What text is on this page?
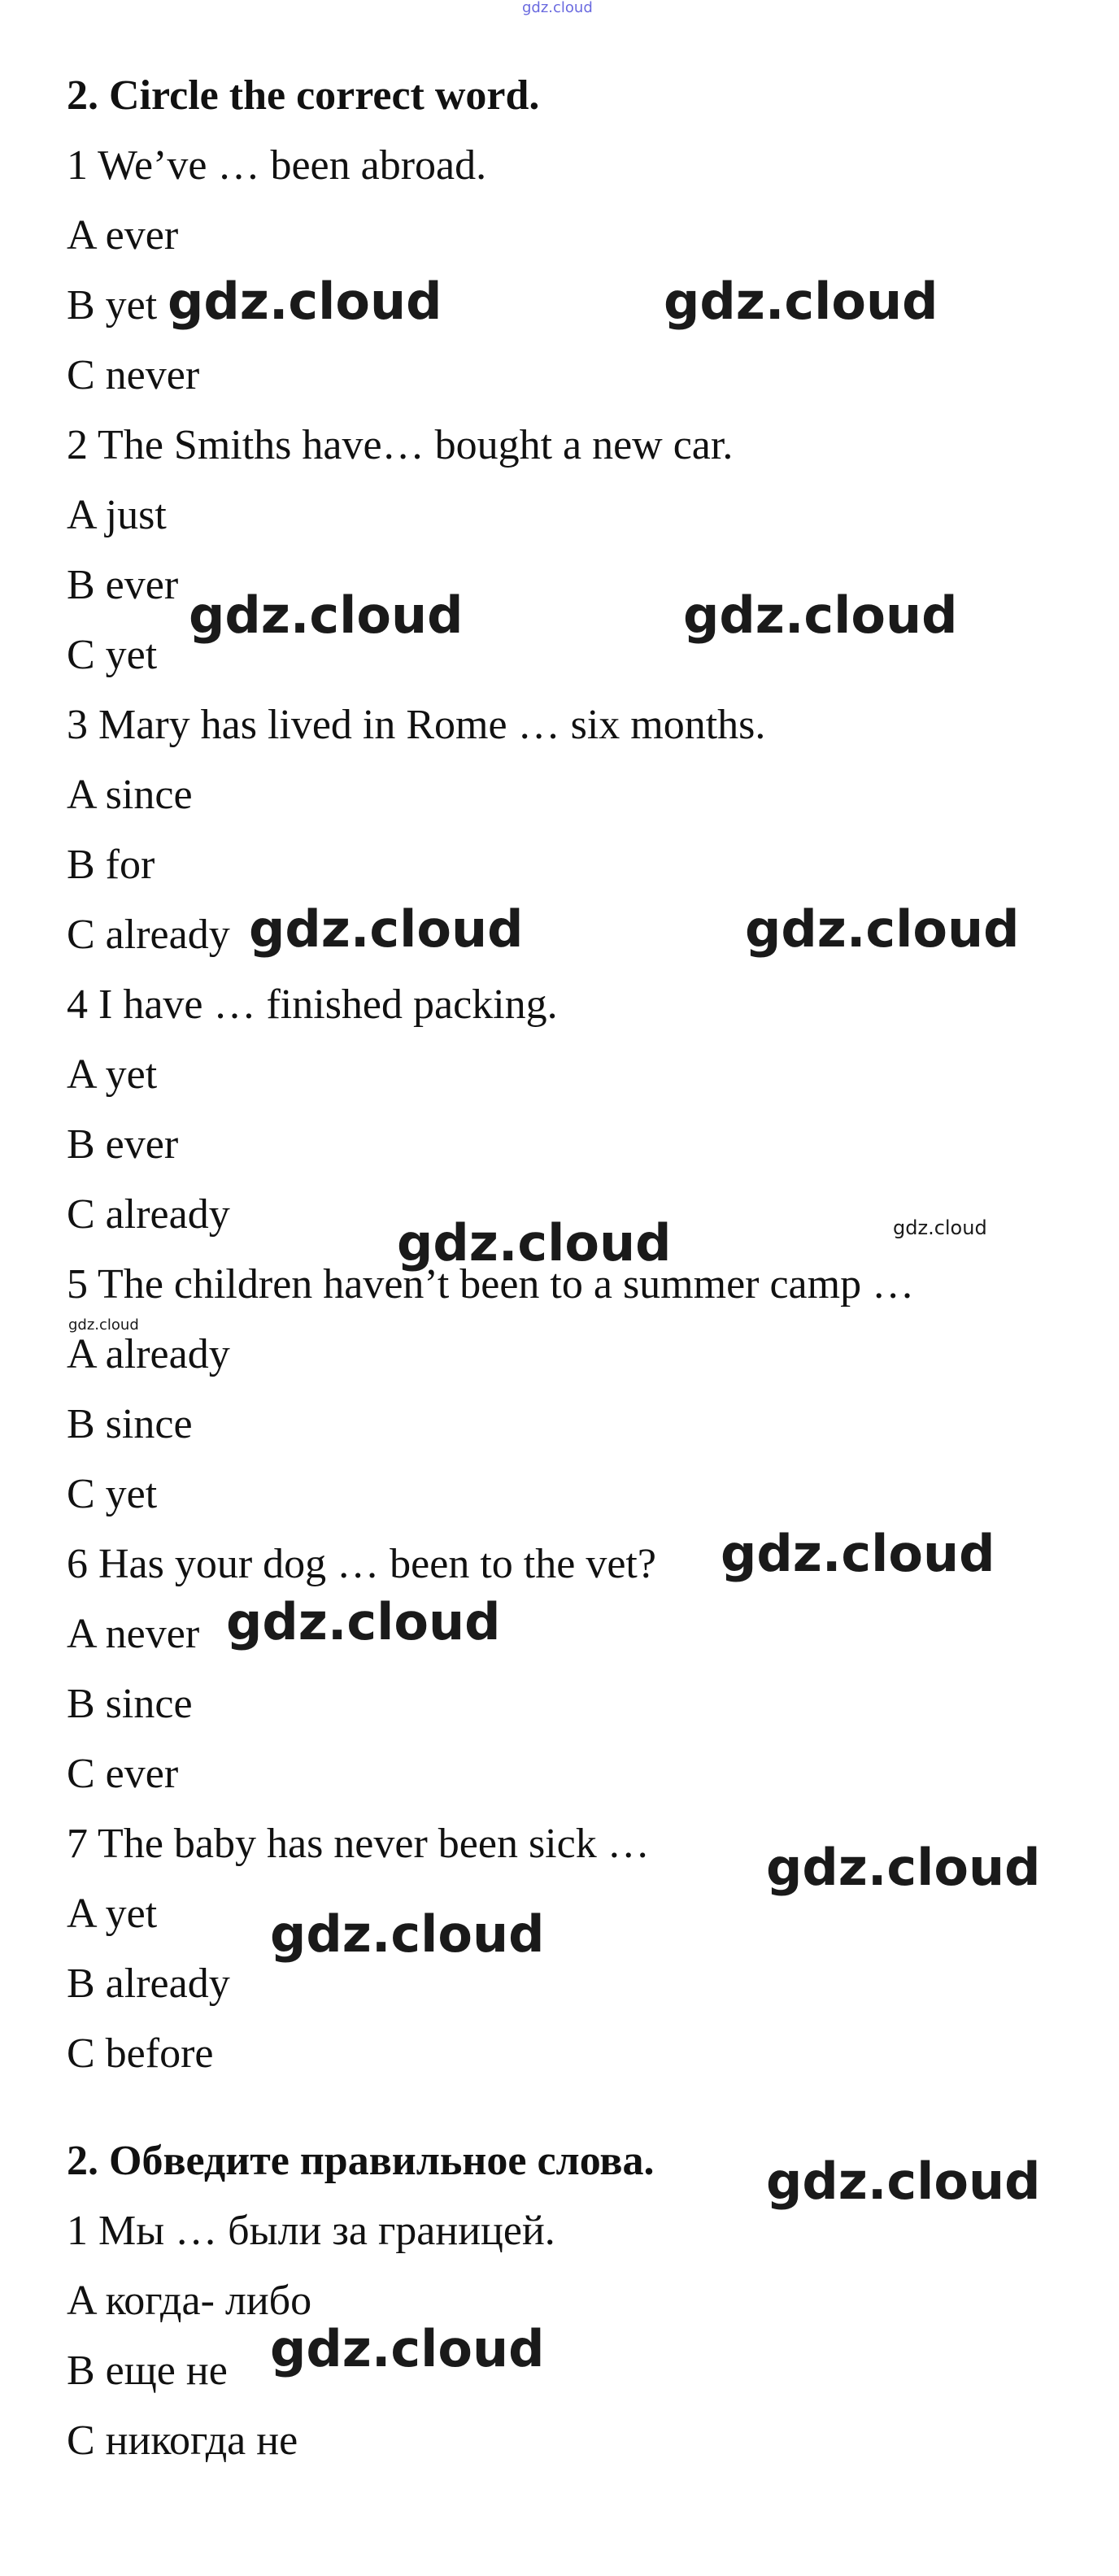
gdz.cloud
2. Circle the correct word.
1 We’ve … been abroad.
A ever
B yet
C never
2 The Smiths have… bought a new car.
A just
B ever
C yet
3 Mary has lived in Rome … six months.
A since
B for
C already
4 I have … finished packing.
A yet
B ever
C already
5 The children haven’t been to a summer camp …
A already
B since
C yet
6 Has your dog … been to the vet?
A never
B since
C ever
7 The baby has never been sick …
A yet
B already
C before
2. Обведите правильное слова.
1 Мы … были за границей.
A когда- либо
B еще не
C никогда не
gdz.cloud	gdz.cloud
gdz.cloud	gdz.cloud
gdz.cloud	gdz.cloud
gdz.cloud	gdz.cloud
gdz.cloud
gdz.cloud
gdz.cloud
gdz.cloud
gdz.cloud
gdz.cloud
gdz.cloud
